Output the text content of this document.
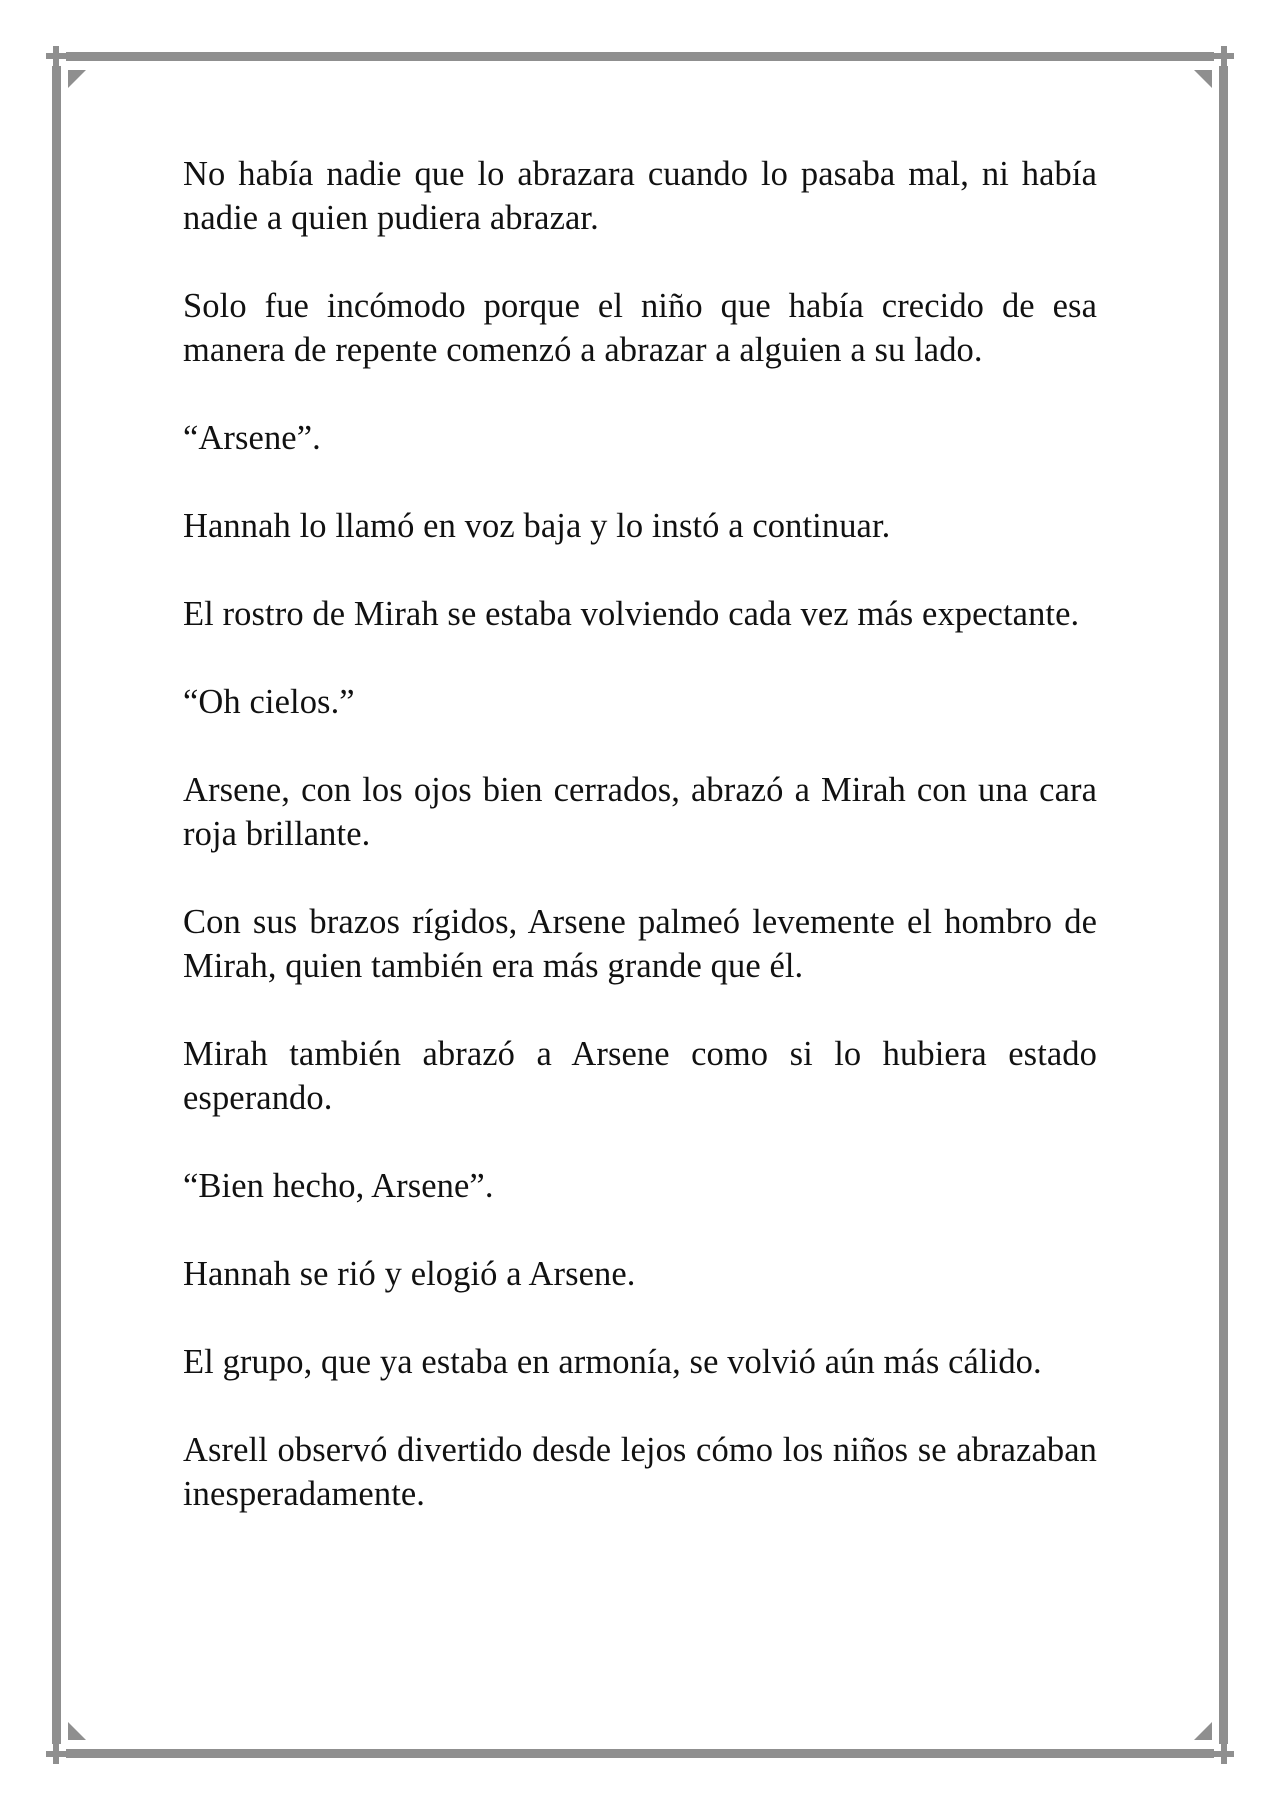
No había nadie que lo abrazara cuando lo pasaba mal, ni había nadie a quien pudiera abrazar.

Solo fue incómodo porque el niño que había crecido de esa manera de repente comenzó a abrazar a alguien a su lado.

“Arsene”.

Hannah lo llamó en voz baja y lo instó a continuar.

El rostro de Mirah se estaba volviendo cada vez más expectante.

“Oh cielos.”

Arsene, con los ojos bien cerrados, abrazó a Mirah con una cara roja brillante.

Con sus brazos rígidos, Arsene palmeó levemente el hombro de Mirah, quien también era más grande que él.

Mirah también abrazó a Arsene como si lo hubiera estado esperando.

“Bien hecho, Arsene”.

Hannah se rió y elogió a Arsene.

El grupo, que ya estaba en armonía, se volvió aún más cálido.

Asrell observó divertido desde lejos cómo los niños se abrazaban inesperadamente.
